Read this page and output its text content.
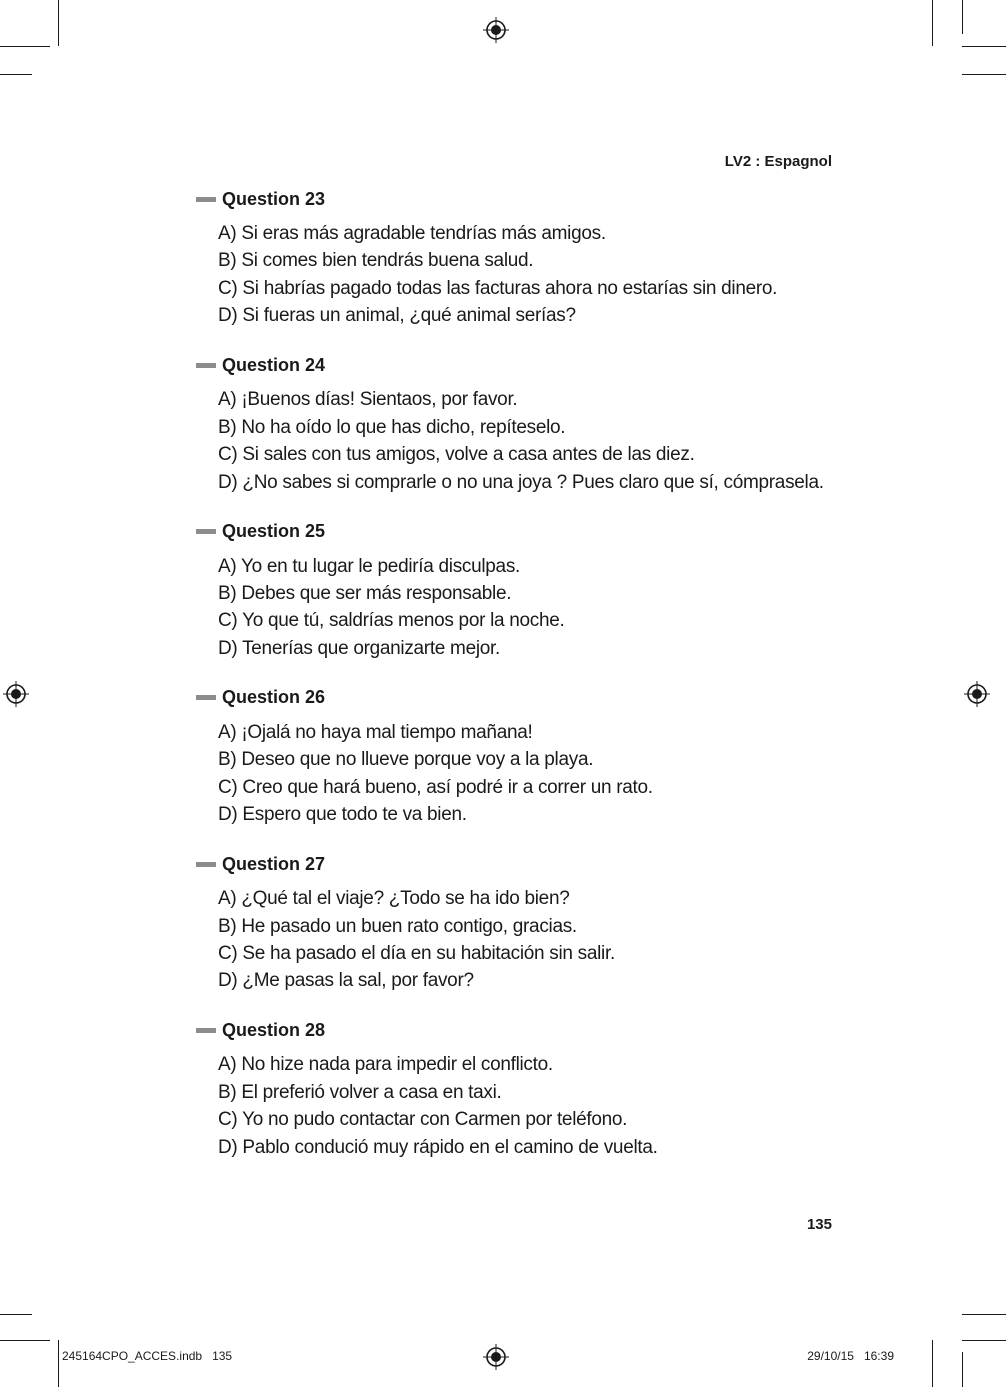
LV2 : Espagnol
Question 23
A) Si eras más agradable tendrías más amigos.
B) Si comes bien tendrás buena salud.
C) Si habrías pagado todas las facturas ahora no estarías sin dinero.
D) Si fueras un animal, ¿qué animal serías?
Question 24
A) ¡Buenos días! Sientaos, por favor.
B) No ha oído lo que has dicho, repíteselo.
C) Si sales con tus amigos, volve a casa antes de las diez.
D) ¿No sabes si comprarle o no una joya ? Pues claro que sí, cómprasela.
Question 25
A) Yo en tu lugar le pediría disculpas.
B) Debes que ser más responsable.
C) Yo que tú, saldrías menos por la noche.
D) Tenerías que organizarte mejor.
Question 26
A) ¡Ojalá no haya mal tiempo mañana!
B) Deseo que no llueve porque voy a la playa.
C) Creo que hará bueno, así podré ir a correr un rato.
D) Espero que todo te va bien.
Question 27
A) ¿Qué tal el viaje? ¿Todo se ha ido bien?
B) He pasado un buen rato contigo, gracias.
C) Se ha pasado el día en su habitación sin salir.
D) ¿Me pasas la sal, por favor?
Question 28
A) No hize nada para impedir el conflicto.
B) El preferió volver a casa en taxi.
C) Yo no pudo contactar con Carmen por teléfono.
D) Pablo condució muy rápido en el camino de vuelta.
135
245164CPO_ACCES.indb   135	29/10/15   16:39
